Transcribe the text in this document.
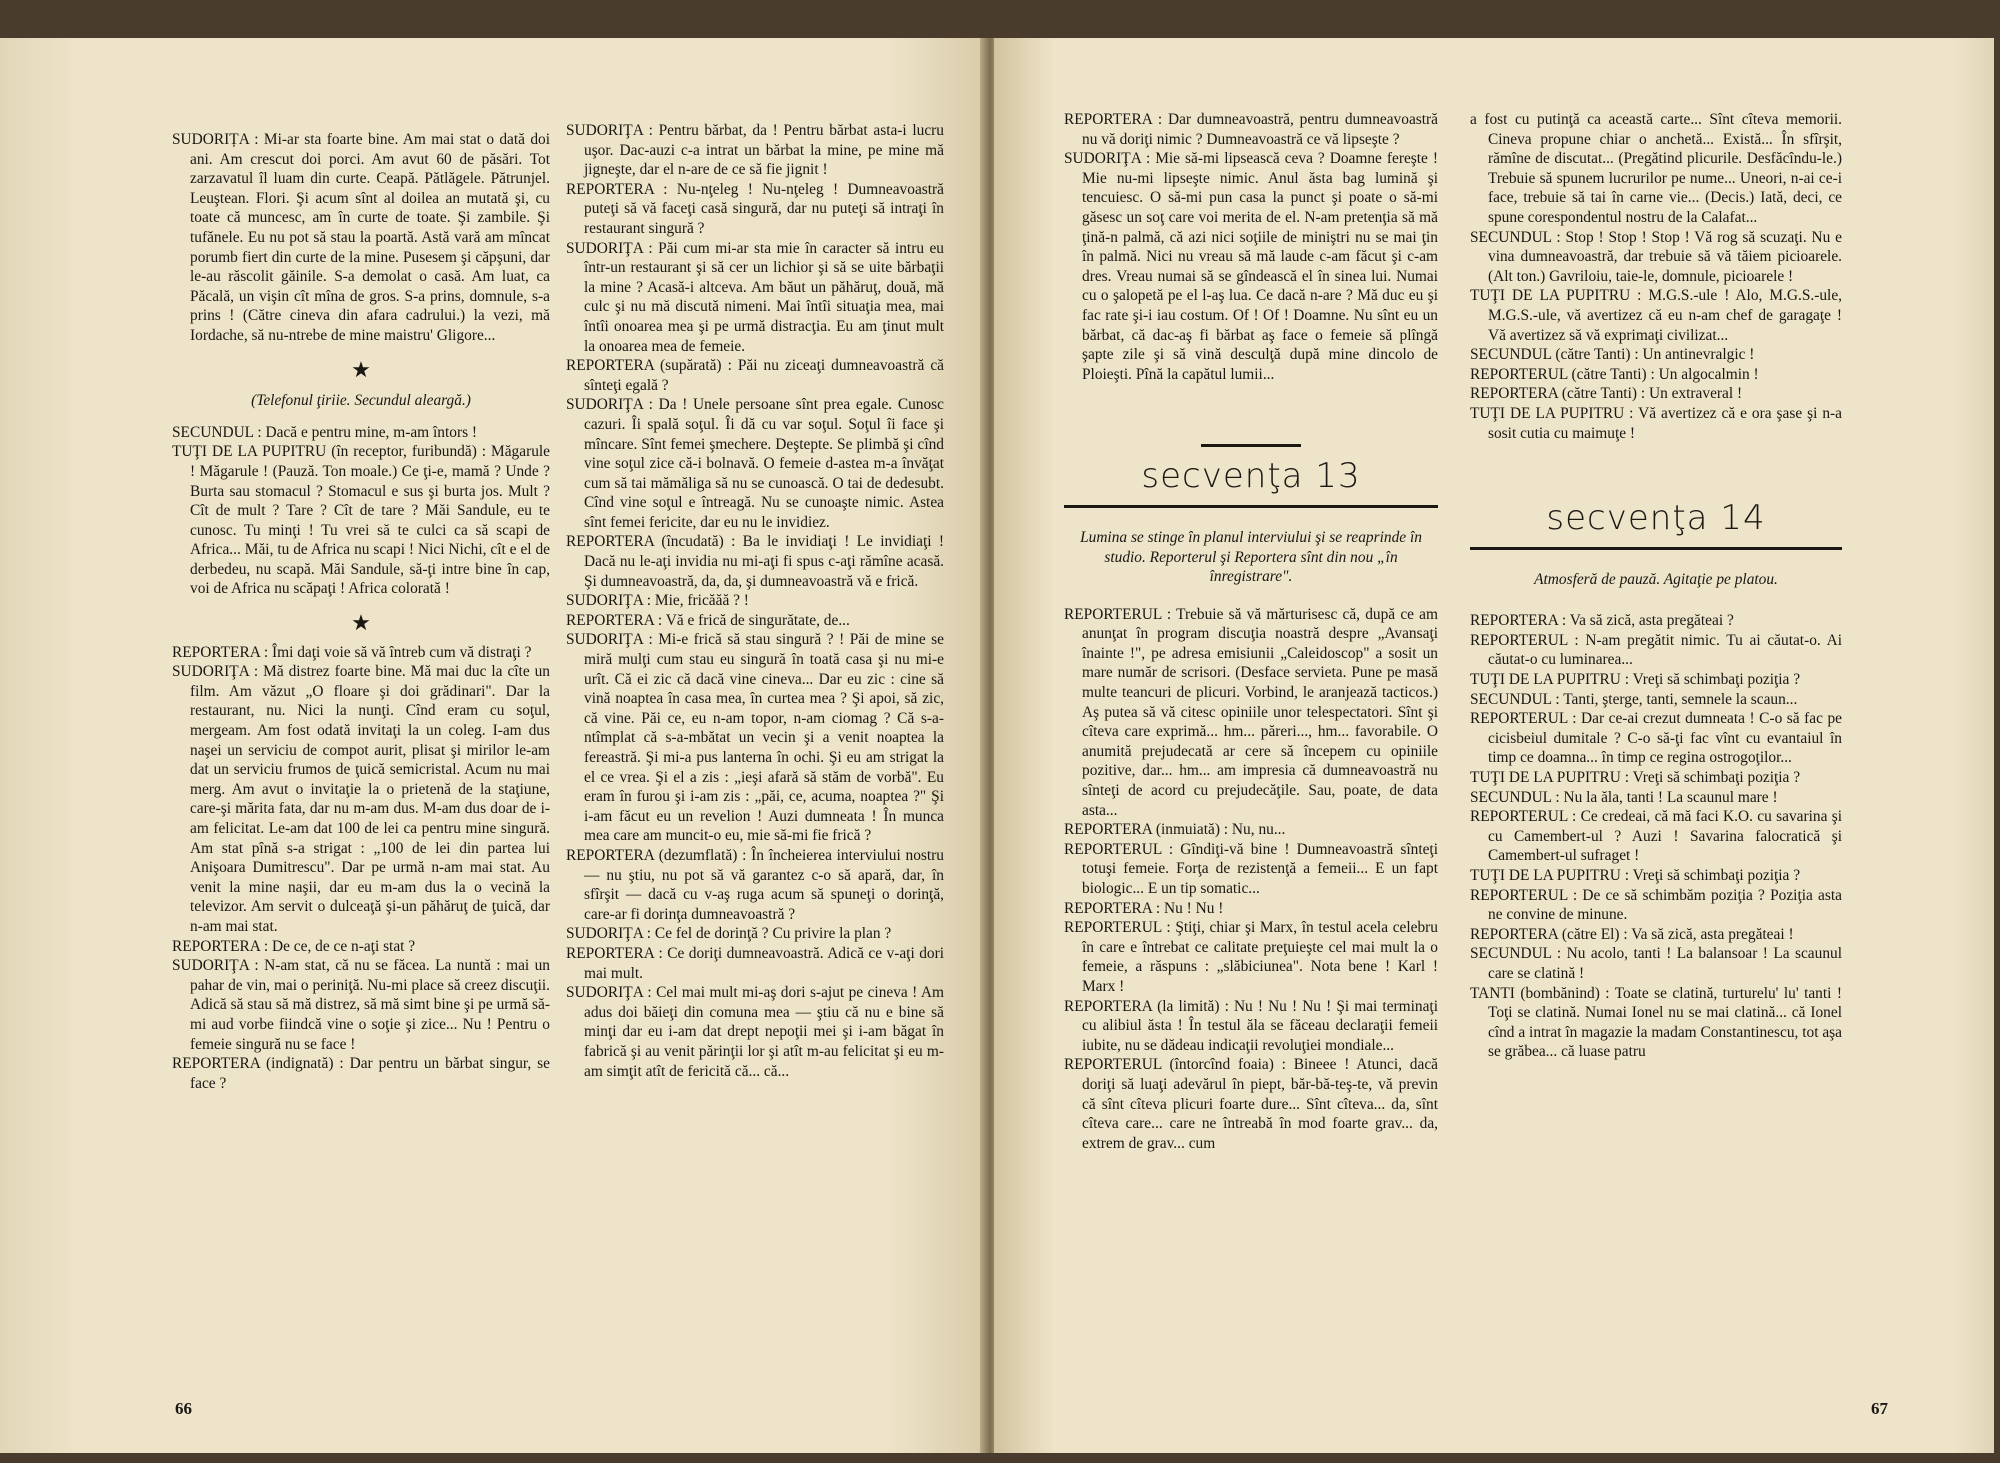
SUDORIȚA : Mi-ar sta foarte bine. Am mai stat o dată doi ani. Am crescut doi porci. Am avut 60 de păsări. Tot zarzavatul îl luam din curte. Ceapă. Pătlăgele. Pătrunjel. Leuştean. Flori. Şi acum sînt al doilea an mutată şi, cu toate că muncesc, am în curte de toate. Şi zambile. Şi tufănele. Eu nu pot să stau la poartă. Astă vară am mîncat porumb fiert din curte de la mine. Pusesem şi căpşuni, dar le-au răscolit găinile. S-a demolat o casă. Am luat, ca Păcală, un vişin cît mîna de gros. S-a prins, domnule, s-a prins ! (Către cineva din afara cadrului.) la vezi, mă Iordache, să nu-ntrebe de mine maistru' Gligore...

★

(Telefonul ţiriie. Secundul aleargă.)

SECUNDUL : Dacă e pentru mine, m-am întors !

TUŢI DE LA PUPITRU (în receptor, furibundă) : Măgarule ! Măgarule ! (Pauză. Ton moale.) Ce ţi-e, mamă ? Unde ? Burta sau stomacul ? Stomacul e sus şi burta jos. Mult ? Cît de mult ? Tare ? Cît de tare ? Măi Sandule, eu te cunosc. Tu minţi ! Tu vrei să te culci ca să scapi de Africa... Măi, tu de Africa nu scapi ! Nici Nichi, cît e el de derbedeu, nu scapă. Măi Sandule, să-ţi intre bine în cap, voi de Africa nu scăpaţi ! Africa colorată !

★

REPORTERA : Îmi daţi voie să vă întreb cum vă distraţi ?

SUDORIŢA : Mă distrez foarte bine. Mă mai duc la cîte un film. Am văzut „O floare şi doi grădinari". Dar la restaurant, nu. Nici la nunţi. Cînd eram cu soţul, mergeam. Am fost odată invitaţi la un coleg. I-am dus naşei un serviciu de compot aurit, plisat şi mirilor le-am dat un serviciu frumos de ţuică semicristal. Acum nu mai merg. Am avut o invitaţie la o prietenă de la staţiune, care-şi mărita fata, dar nu m-am dus. M-am dus doar de i-am felicitat. Le-am dat 100 de lei ca pentru mine singură. Am stat pînă s-a strigat : „100 de lei din partea lui Anişoara Dumitrescu". Dar pe urmă n-am mai stat. Au venit la mine naşii, dar eu m-am dus la o vecină la televizor. Am servit o dulceaţă şi-un păhăruţ de ţuică, dar n-am mai stat.

REPORTERA : De ce, de ce n-aţi stat ?

SUDORIŢA : N-am stat, că nu se făcea. La nuntă : mai un pahar de vin, mai o periniţă. Nu-mi place să creez discuţii. Adică să stau să mă distrez, să mă simt bine şi pe urmă să-mi aud vorbe fiindcă vine o soţie şi zice... Nu ! Pentru o femeie singură nu se face !

REPORTERA (indignată) : Dar pentru un bărbat singur, se face ?

SUDORIŢA : Pentru bărbat, da ! Pentru bărbat asta-i lucru uşor. Dac-auzi c-a intrat un bărbat la mine, pe mine mă jigneşte, dar el n-are de ce să fie jignit !

REPORTERA : Nu-nţeleg ! Nu-nţeleg ! Dumneavoastră puteţi să vă faceţi casă singură, dar nu puteţi să intraţi în restaurant singură ?

SUDORIŢA : Păi cum mi-ar sta mie în caracter să intru eu într-un restaurant şi să cer un lichior şi să se uite bărbaţii la mine ? Acasă-i altceva. Am băut un păhăruţ, două, mă culc şi nu mă discută nimeni. Mai întîi situaţia mea, mai întîi onoarea mea şi pe urmă distracţia. Eu am ţinut mult la onoarea mea de femeie.

REPORTERA (supărată) : Păi nu ziceaţi dumneavoastră că sînteţi egală ?

SUDORIŢA : Da ! Unele persoane sînt prea egale. Cunosc cazuri. Îi spală soţul. Îi dă cu var soţul. Soţul îi face şi mîncare. Sînt femei şmechere. Deştepte. Se plimbă şi cînd vine soţul zice că-i bolnavă. O femeie d-astea m-a învăţat cum să tai mămăliga să nu se cunoască. O tai de dedesubt. Cînd vine soţul e întreagă. Nu se cunoaşte nimic. Astea sînt femei fericite, dar eu nu le invidiez.

REPORTERA (încudată) : Ba le invidiaţi ! Le invidiaţi ! Dacă nu le-aţi invidia nu mi-aţi fi spus c-aţi rămîne acasă. Şi dumneavoastră, da, da, şi dumneavoastră vă e frică.

SUDORIŢA : Mie, fricăăă ? !

REPORTERA : Vă e frică de singurătate, de...

SUDORIŢA : Mi-e frică să stau singură ? ! Păi de mine se miră mulţi cum stau eu singură în toată casa şi nu mi-e urît. Că ei zic că dacă vine cineva... Dar eu zic : cine să vină noaptea în casa mea, în curtea mea ? Şi apoi, să zic, că vine. Păi ce, eu n-am topor, n-am ciomag ? Că s-a-ntîmplat că s-a-mbătat un vecin şi a venit noaptea la fereastră. Şi mi-a pus lanterna în ochi. Şi eu am strigat la el ce vrea. Şi el a zis : „ieşi afară să stăm de vorbă". Eu eram în furou şi i-am zis : „păi, ce, acuma, noaptea ?" Şi i-am făcut eu un revelion ! Auzi dumneata ! În munca mea care am muncit-o eu, mie să-mi fie frică ?

REPORTERA (dezumflată) : În încheierea interviului nostru — nu ştiu, nu pot să vă garantez c-o să apară, dar, în sfîrşit — dacă cu v-aş ruga acum să spuneţi o dorinţă, care-ar fi dorinţa dumneavoastră ?

SUDORIŢA : Ce fel de dorinţă ? Cu privire la plan ?

REPORTERA : Ce doriţi dumneavoastră. Adică ce v-aţi dori mai mult.

SUDORIŢA : Cel mai mult mi-aş dori s-ajut pe cineva ! Am adus doi băieţi din comuna mea — ştiu că nu e bine să minţi dar eu i-am dat drept nepoţii mei şi i-am băgat în fabrică şi au venit părinţii lor şi atît m-au felicitat şi eu m-am simţit atît de fericită că... că...

66

REPORTERA : Dar dumneavoastră, pentru dumneavoastră nu vă doriţi nimic ? Dumneavoastră ce vă lipseşte ?

SUDORIŢA : Mie să-mi lipsească ceva ? Doamne fereşte ! Mie nu-mi lipseşte nimic. Anul ăsta bag lumină şi tencuiesc. O să-mi pun casa la punct şi poate o să-mi găsesc un soţ care voi merita de el. N-am pretenţia să mă ţină-n palmă, că azi nici soţiile de miniştri nu se mai ţin în palmă. Nici nu vreau să mă laude c-am făcut şi c-am dres. Vreau numai să se gîndească el în sinea lui. Numai cu o şalopetă pe el l-aş lua. Ce dacă n-are ? Mă duc eu şi fac rate şi-i iau costum. Of ! Of ! Doamne. Nu sînt eu un bărbat, că dac-aş fi bărbat aş face o femeie să plîngă şapte zile şi să vină desculţă după mine dincolo de Ploieşti. Pînă la capătul lumii...

secvenţa 13

Lumina se stinge în planul interviului şi se reaprinde în studio. Reporterul şi Reportera sînt din nou „în înregistrare".

REPORTERUL : Trebuie să vă mărturisesc că, după ce am anunţat în program discuţia noastră despre „Avansaţi înainte !", pe adresa emisiunii „Caleidoscop" a sosit un mare număr de scrisori. (Desface servieta. Pune pe masă multe teancuri de plicuri. Vorbind, le aranjează tacticos.) Aş putea să vă citesc opiniile unor telespectatori. Sînt şi cîteva care exprimă... hm... păreri..., hm... favorabile. O anumită prejudecată ar cere să începem cu opiniile pozitive, dar... hm... am impresia că dumneavoastră nu sînteţi de acord cu prejudecăţile. Sau, poate, de data asta...

REPORTERA (inmuiată) : Nu, nu...

REPORTERUL : Gîndiţi-vă bine ! Dumneavoastră sînteţi totuşi femeie. Forţa de rezistenţă a femeii... E un fapt biologic... E un tip somatic...

REPORTERA : Nu ! Nu !

REPORTERUL : Ştiţi, chiar şi Marx, în testul acela celebru în care e întrebat ce calitate preţuieşte cel mai mult la o femeie, a răspuns : „slăbiciunea". Nota bene ! Karl ! Marx !

REPORTERA (la limită) : Nu ! Nu ! Nu ! Şi mai terminaţi cu alibiul ăsta ! În testul ăla se făceau declaraţii femeii iubite, nu se dădeau indicaţii revoluţiei mondiale...

REPORTERUL (întorcînd foaia) : Bineee ! Atunci, dacă doriţi să luaţi adevărul în piept, băr-bă-teş-te, vă previn că sînt cîteva plicuri foarte dure... Sînt cîteva... da, sînt cîteva care... care ne întreabă în mod foarte grav... da, extrem de grav... cum

a fost cu putinţă ca această carte... Sînt cîteva memorii. Cineva propune chiar o anchetă... Există... În sfîrşit, rămîne de discutat... (Pregătind plicurile. Desfăcîndu-le.) Trebuie să spunem lucrurilor pe nume... Uneori, n-ai ce-i face, trebuie să tai în carne vie... (Decis.) Iată, deci, ce spune corespondentul nostru de la Calafat...

SECUNDUL : Stop ! Stop ! Stop ! Vă rog să scuzaţi. Nu e vina dumneavoastră, dar trebuie să vă tăiem picioarele. (Alt ton.) Gavriloiu, taie-le, domnule, picioarele !

TUŢI DE LA PUPITRU : M.G.S.-ule ! Alo, M.G.S.-ule, M.G.S.-ule, vă avertizez că eu n-am chef de garagaţe ! Vă avertizez să vă exprimaţi civilizat...

SECUNDUL (către Tanti) : Un antinevralgic !

REPORTERUL (către Tanti) : Un algocalmin !

REPORTERA (către Tanti) : Un extraveral !

TUŢI DE LA PUPITRU : Vă avertizez că e ora şase şi n-a sosit cutia cu maimuţe !

secvenţa 14

Atmosferă de pauză. Agitaţie pe platou.

REPORTERA : Va să zică, asta pregăteai ?

REPORTERUL : N-am pregătit nimic. Tu ai căutat-o. Ai căutat-o cu luminarea...

TUŢI DE LA PUPITRU : Vreţi să schimbaţi poziţia ?

SECUNDUL : Tanti, şterge, tanti, semnele la scaun...

REPORTERUL : Dar ce-ai crezut dumneata ! C-o să fac pe cicisbeiul dumitale ? C-o să-ţi fac vînt cu evantaiul în timp ce doamna... în timp ce regina ostrogoţilor...

TUŢI DE LA PUPITRU : Vreţi să schimbaţi poziţia ?

SECUNDUL : Nu la ăla, tanti ! La scaunul mare !

REPORTERUL : Ce credeai, că mă faci K.O. cu savarina şi cu Camembert-ul ? Auzi ! Savarina falocratică şi Camembert-ul sufraget !

TUŢI DE LA PUPITRU : Vreţi să schimbaţi poziţia ?

REPORTERUL : De ce să schimbăm poziţia ? Poziţia asta ne convine de minune.

REPORTERA (către El) : Va să zică, asta pregăteai !

SECUNDUL : Nu acolo, tanti ! La balansoar ! La scaunul care se clatină !

TANTI (bombănind) : Toate se clatină, turturelu' lu' tanti ! Toţi se clatină. Numai Ionel nu se mai clatină... că Ionel cînd a intrat în magazie la madam Constantinescu, tot aşa se grăbea... că luase patru

67
